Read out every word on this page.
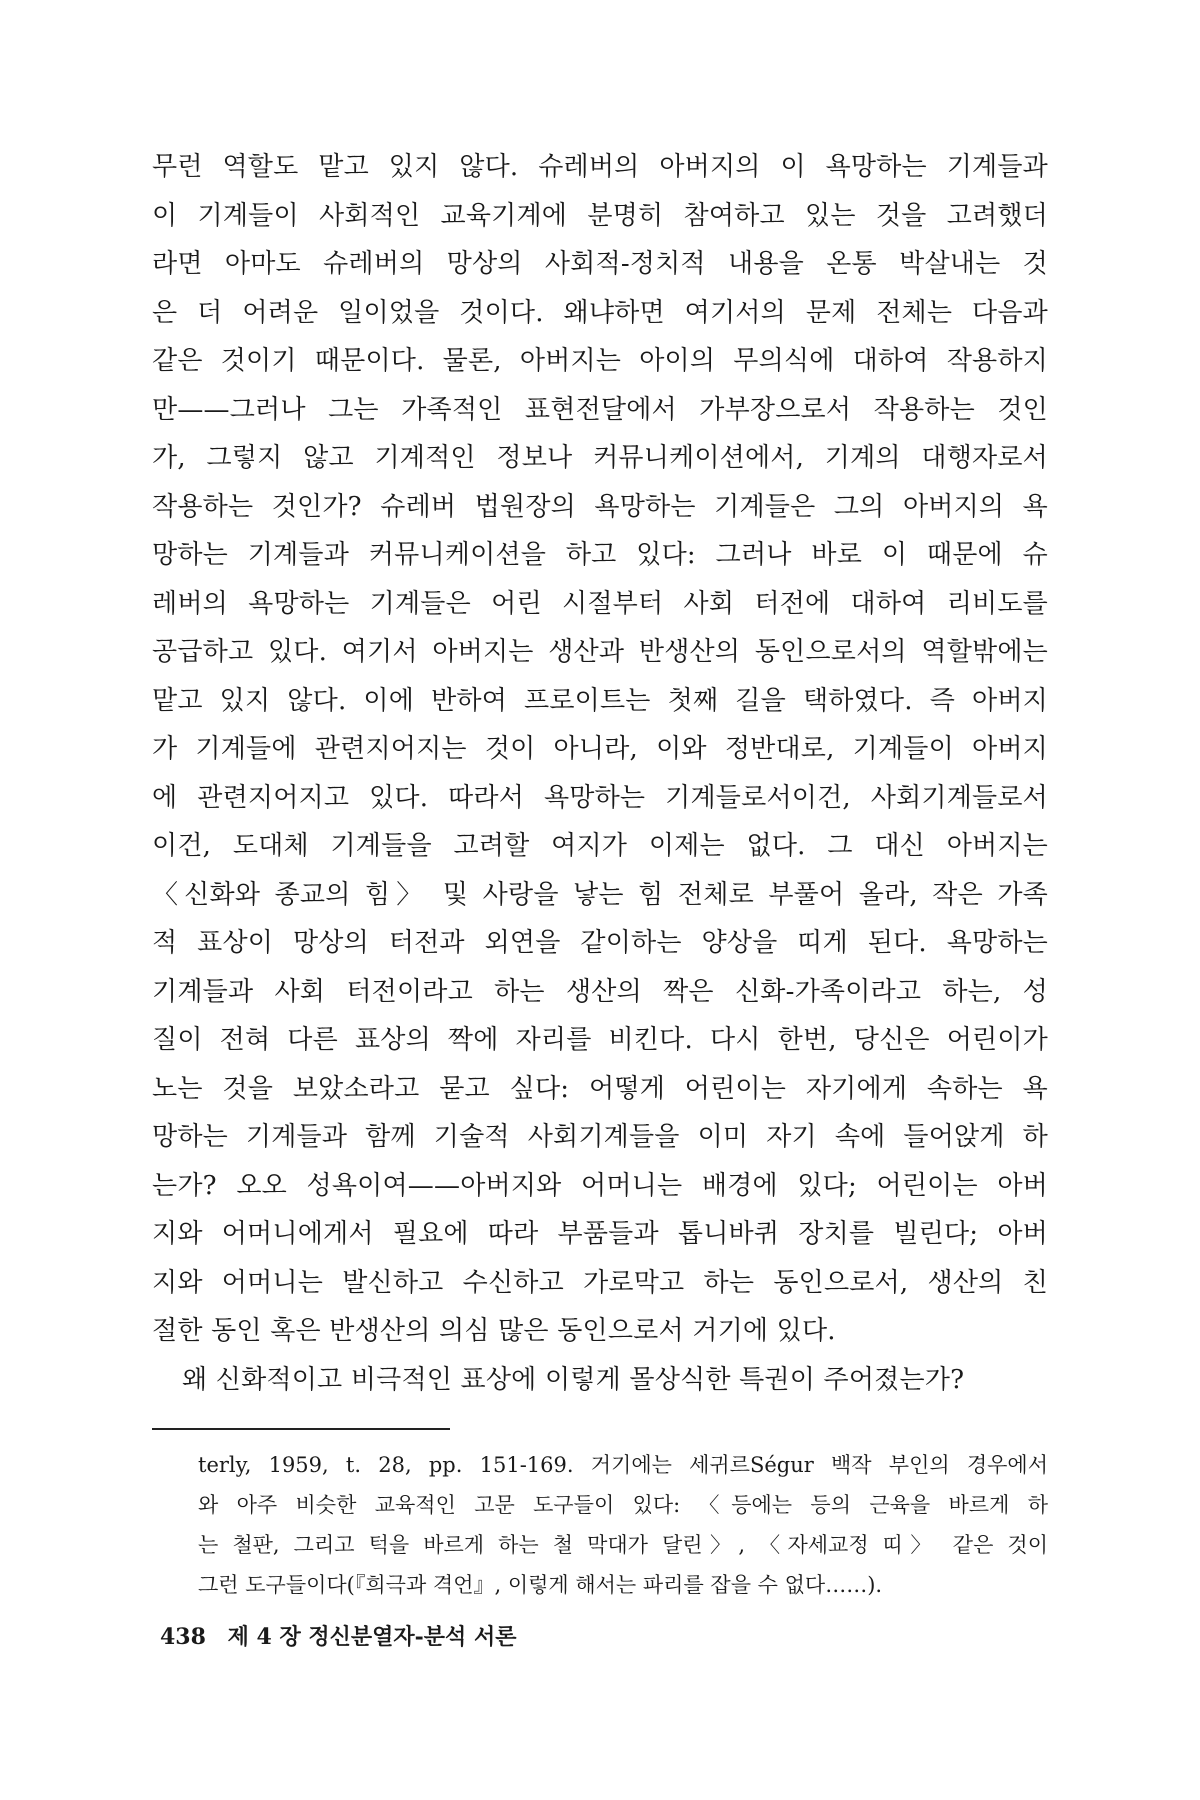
무런 역할도 맡고 있지 않다. 슈레버의 아버지의 이 욕망하는 기계들과
이 기계들이 사회적인 교육기계에 분명히 참여하고 있는 것을 고려했더
라면 아마도 슈레버의 망상의 사회적-정치적 내용을 온통 박살내는 것
은 더 어려운 일이었을 것이다. 왜냐하면 여기서의 문제 전체는 다음과
같은 것이기 때문이다. 물론, 아버지는 아이의 무의식에 대하여 작용하지
만——그러나 그는 가족적인 표현전달에서 가부장으로서 작용하는 것인
가, 그렇지 않고 기계적인 정보나 커뮤니케이션에서, 기계의 대행자로서
작용하는 것인가? 슈레버 법원장의 욕망하는 기계들은 그의 아버지의 욕
망하는 기계들과 커뮤니케이션을 하고 있다: 그러나 바로 이 때문에 슈
레버의 욕망하는 기계들은 어린 시절부터 사회 터전에 대하여 리비도를
공급하고 있다. 여기서 아버지는 생산과 반생산의 동인으로서의 역할밖에는
맡고 있지 않다. 이에 반하여 프로이트는 첫째 길을 택하였다. 즉 아버지
가 기계들에 관련지어지는 것이 아니라, 이와 정반대로, 기계들이 아버지
에 관련지어지고 있다. 따라서 욕망하는 기계들로서이건, 사회기계들로서
이건, 도대체 기계들을 고려할 여지가 이제는 없다. 그 대신 아버지는
〈신화와 종교의 힘〉 및 사랑을 낳는 힘 전체로 부풀어 올라, 작은 가족
적 표상이 망상의 터전과 외연을 같이하는 양상을 띠게 된다. 욕망하는
기계들과 사회 터전이라고 하는 생산의 짝은 신화-가족이라고 하는, 성
질이 전혀 다른 표상의 짝에 자리를 비킨다. 다시 한번, 당신은 어린이가
노는 것을 보았소라고 묻고 싶다: 어떻게 어린이는 자기에게 속하는 욕
망하는 기계들과 함께 기술적 사회기계들을 이미 자기 속에 들어앉게 하
는가? 오오 성욕이여——아버지와 어머니는 배경에 있다; 어린이는 아버
지와 어머니에게서 필요에 따라 부품들과 톱니바퀴 장치를 빌린다; 아버
지와 어머니는 발신하고 수신하고 가로막고 하는 동인으로서, 생산의 친
절한 동인 혹은 반생산의 의심 많은 동인으로서 거기에 있다.
왜 신화적이고 비극적인 표상에 이렇게 몰상식한 특권이 주어졌는가?
terly, 1959, t. 28, pp. 151-169. 거기에는 세귀르Ségur 백작 부인의 경우에서
와 아주 비슷한 교육적인 고문 도구들이 있다: 〈등에는 등의 근육을 바르게 하
는 철판, 그리고 턱을 바르게 하는 철 막대가 달린〉, 〈자세교정 띠〉 같은 것이
그런 도구들이다(『희극과 격언』, 이렇게 해서는 파리를 잡을 수 없다……).
438 제 4 장 정신분열자-분석 서론
